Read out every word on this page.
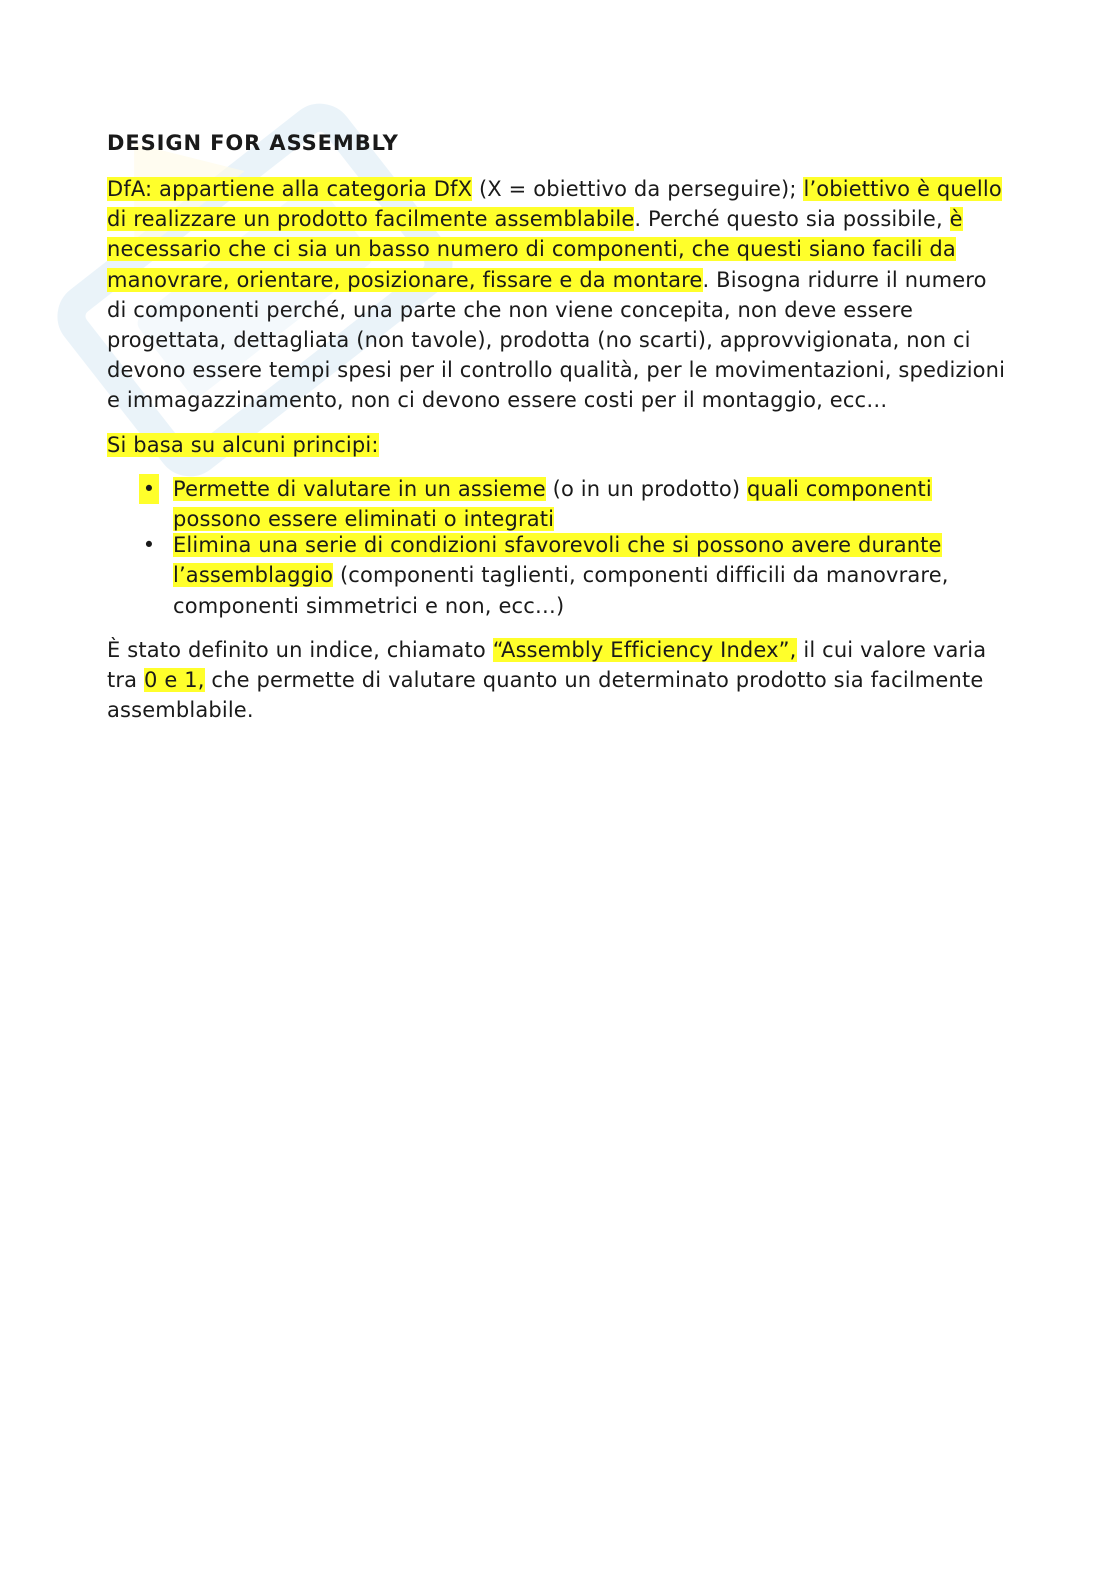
DESIGN FOR ASSEMBLY

DfA: appartiene alla categoria DfX (X = obiettivo da perseguire); l’obiettivo è quello di realizzare un prodotto facilmente assemblabile. Perché questo sia possibile, è necessario che ci sia un basso numero di componenti, che questi siano facili da manovrare, orientare, posizionare, fissare e da montare. Bisogna ridurre il numero di componenti perché, una parte che non viene concepita, non deve essere progettata, dettagliata (non tavole), prodotta (no scarti), approvvigionata, non ci devono essere tempi spesi per il controllo qualità, per le movimentazioni, spedizioni e immagazzinamento, non ci devono essere costi per il montaggio, ecc…

Si basa su alcuni principi:

• Permette di valutare in un assieme (o in un prodotto) quali componenti possono essere eliminati o integrati
• Elimina una serie di condizioni sfavorevoli che si possono avere durante l’assemblaggio (componenti taglienti, componenti difficili da manovrare, componenti simmetrici e non, ecc…)

È stato definito un indice, chiamato “Assembly Efficiency Index”, il cui valore varia tra 0 e 1, che permette di valutare quanto un determinato prodotto sia facilmente assemblabile.
